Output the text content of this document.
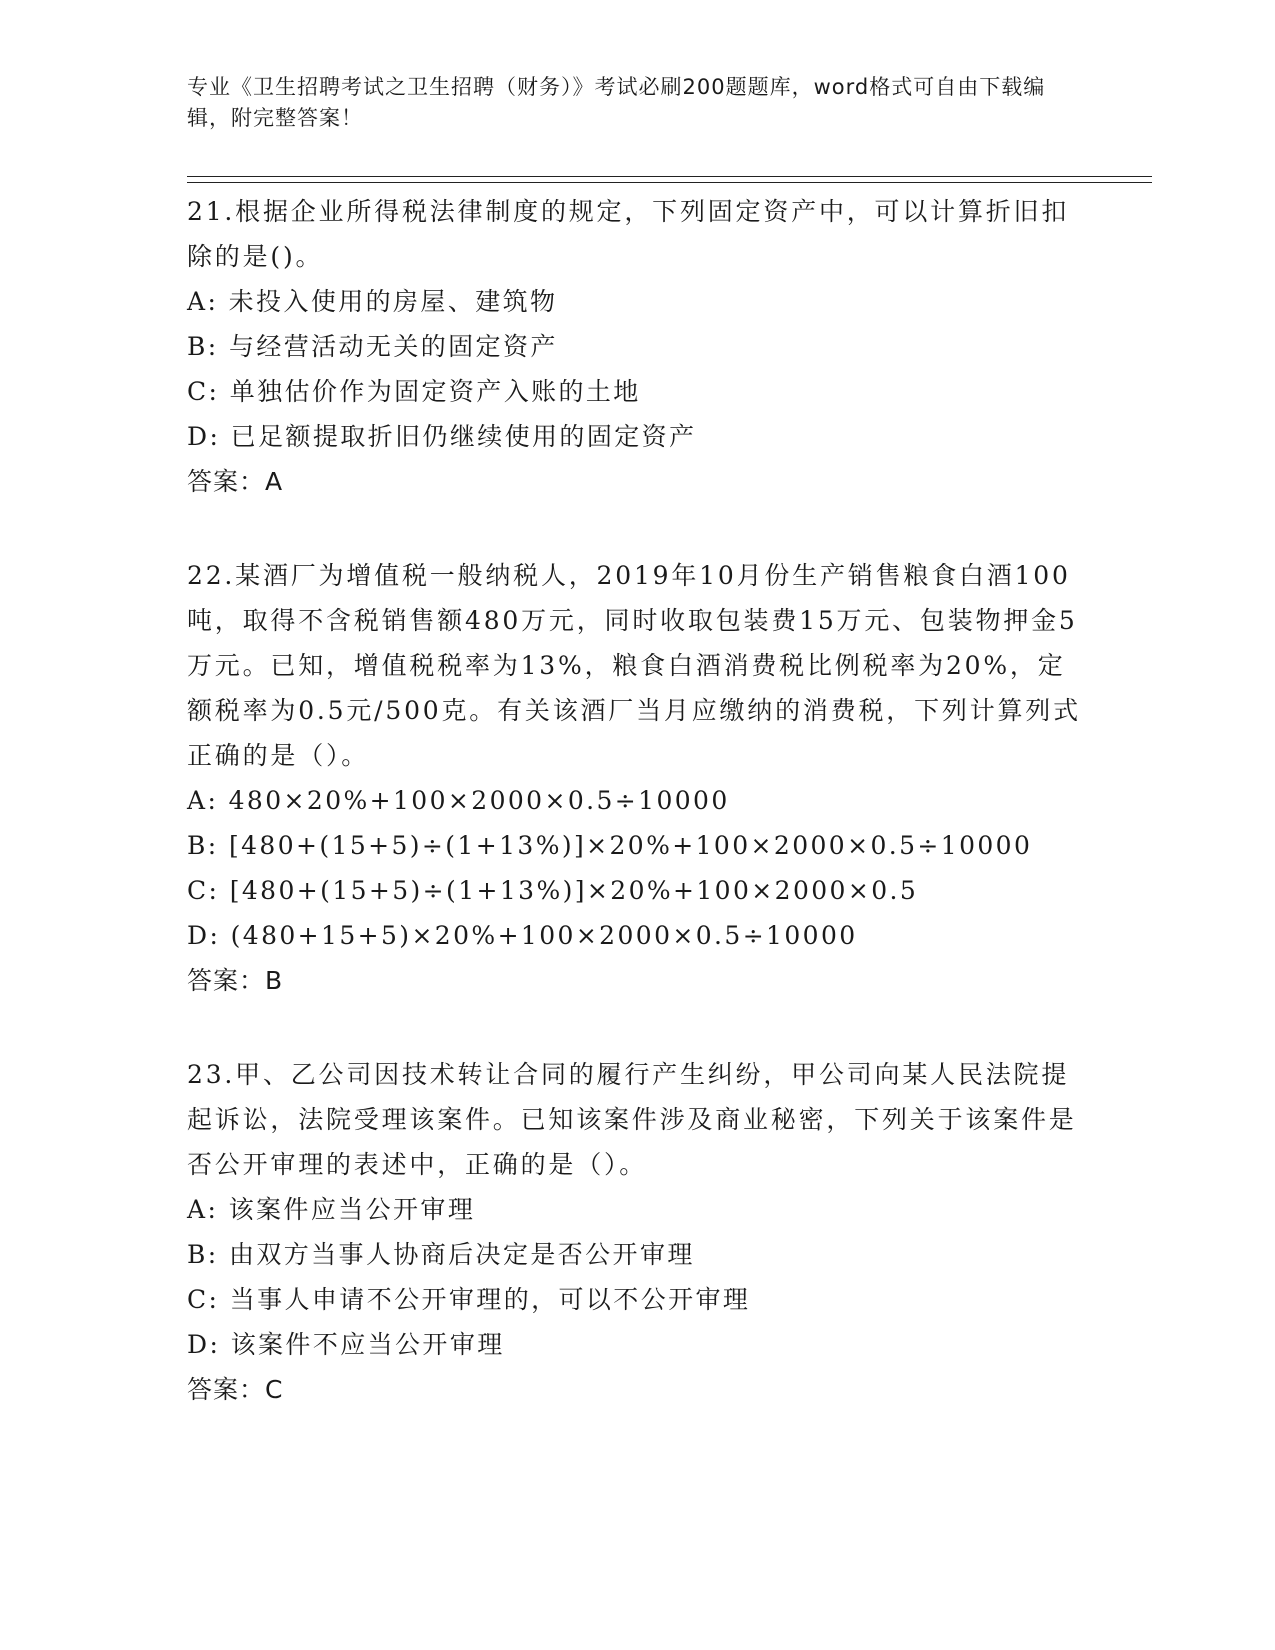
专业《卫生招聘考试之卫生招聘（财务）》考试必刷200题题库，word格式可自由下载编辑，附完整答案！

21.根据企业所得税法律制度的规定，下列固定资产中，可以计算折旧扣除的是()。

A: 未投入使用的房屋、建筑物

B: 与经营活动无关的固定资产

C: 单独估价作为固定资产入账的土地

D: 已足额提取折旧仍继续使用的固定资产

答案：A

22.某酒厂为增值税一般纳税人，2019年10月份生产销售粮食白酒100吨，取得不含税销售额480万元，同时收取包装费15万元、包装物押金5万元。已知，增值税税率为13%，粮食白酒消费税比例税率为20%，定额税率为0.5元/500克。有关该酒厂当月应缴纳的消费税，下列计算列式正确的是（）。

A: 480×20%+100×2000×0.5÷10000

B: [480+(15+5)÷(1+13%)]×20%+100×2000×0.5÷10000

C: [480+(15+5)÷(1+13%)]×20%+100×2000×0.5

D: (480+15+5)×20%+100×2000×0.5÷10000

答案：B

23.甲、乙公司因技术转让合同的履行产生纠纷，甲公司向某人民法院提起诉讼，法院受理该案件。已知该案件涉及商业秘密，下列关于该案件是否公开审理的表述中，正确的是（）。

A: 该案件应当公开审理

B: 由双方当事人协商后决定是否公开审理

C: 当事人申请不公开审理的，可以不公开审理

D: 该案件不应当公开审理

答案：C
